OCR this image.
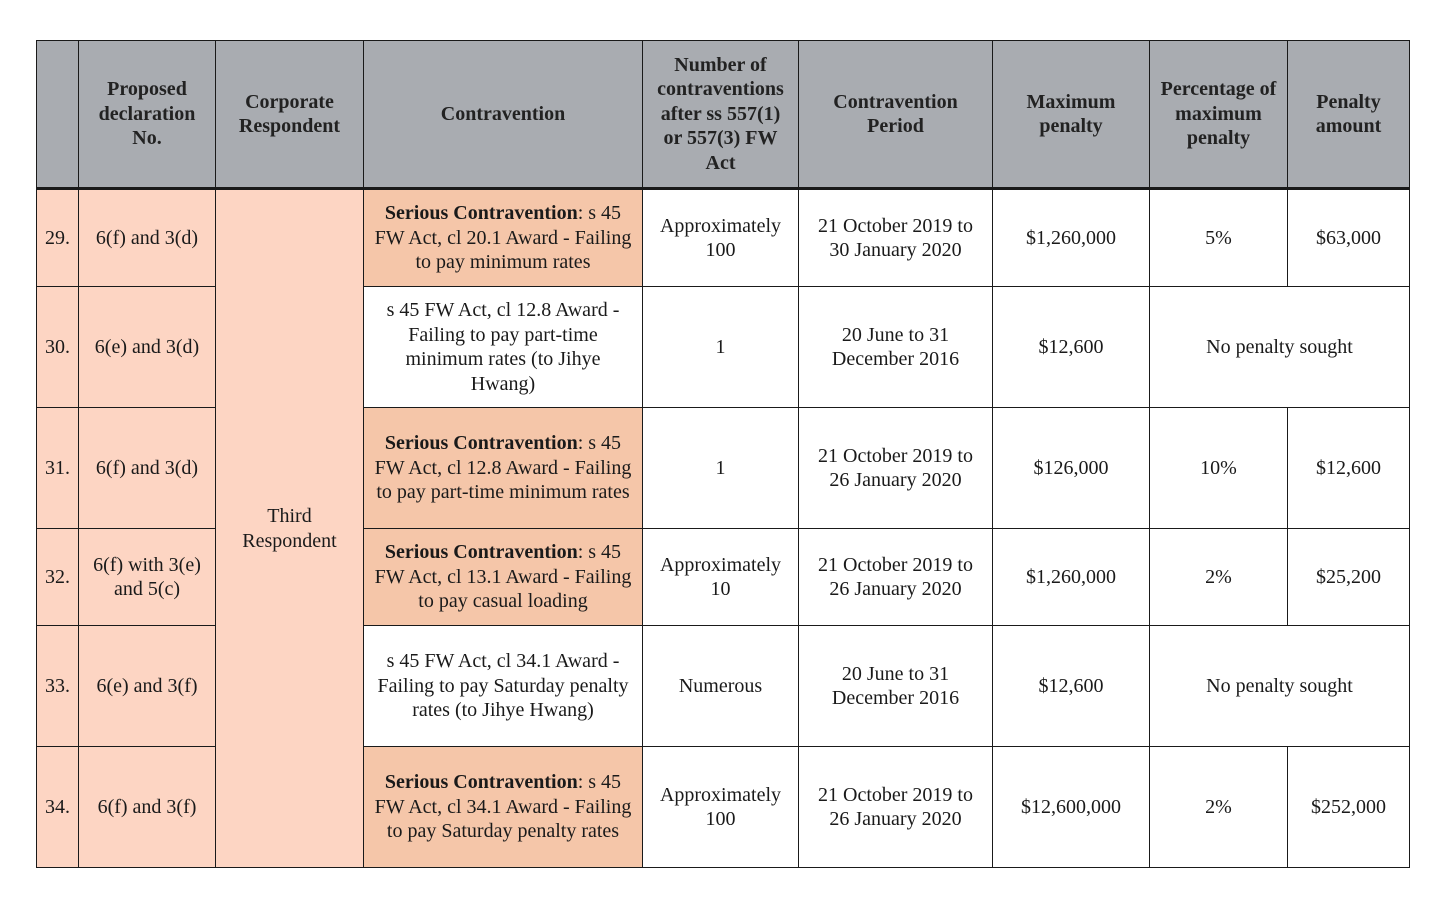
	Proposed declaration No.	Corporate Respondent	Contravention	Number of contraventions after ss 557(1) or 557(3) FW Act	Contravention Period	Maximum penalty	Percentage of maximum penalty	Penalty amount
29.	6(f) and 3(d)	Third Respondent	Serious Contravention: s 45 FW Act, cl 20.1 Award - Failing to pay minimum rates	Approximately 100	21 October 2019 to 30 January 2020	$1,260,000	5%	$63,000
30.	6(e) and 3(d)		s 45 FW Act, cl 12.8 Award - Failing to pay part-time minimum rates (to Jihye Hwang)	1	20 June to 31 December 2016	$12,600	No penalty sought	
31.	6(f) and 3(d)		Serious Contravention: s 45 FW Act, cl 12.8 Award - Failing to pay part-time minimum rates	1	21 October 2019 to 26 January 2020	$126,000	10%	$12,600
32.	6(f) with 3(e) and 5(c)		Serious Contravention: s 45 FW Act, cl 13.1 Award - Failing to pay casual loading	Approximately 10	21 October 2019 to 26 January 2020	$1,260,000	2%	$25,200
33.	6(e) and 3(f)		s 45 FW Act, cl 34.1 Award - Failing to pay Saturday penalty rates (to Jihye Hwang)	Numerous	20 June to 31 December 2016	$12,600	No penalty sought	
34.	6(f) and 3(f)		Serious Contravention: s 45 FW Act, cl 34.1 Award - Failing to pay Saturday penalty rates	Approximately 100	21 October 2019 to 26 January 2020	$12,600,000	2%	$252,000
